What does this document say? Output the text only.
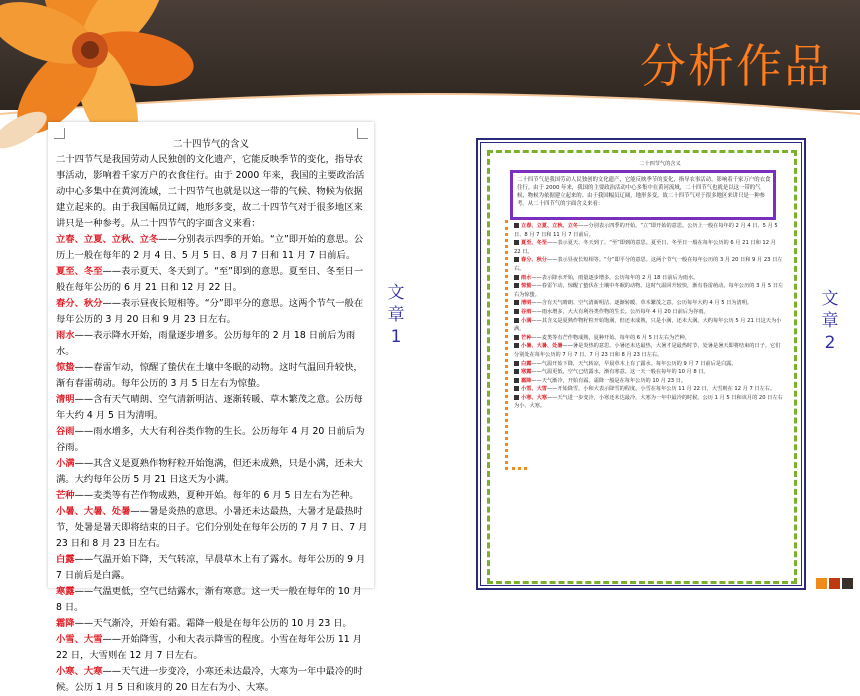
分析作品
二十四节气的含义

二十四节气是我国劳动人民独创的文化遗产，它能反映季节的变化，指导农事活动，影响着千家万户的衣食住行。由于 2000 年来，我国的主要政治活动中心多集中在黄河流域，二十四节气也就是以这一带的气候、物候为依据建立起来的。由于我国幅员辽阔，地形多变，故二十四节气对于很多地区来讲只是一种参考。从二十四节气的字面含义来看：

立春、立夏、立秋、立冬——分别表示四季的开始。“立”即开始的意思。公历上一般在每年的 2 月 4 日、5 月 5 日、8 月 7 日和 11 月 7 日前后。

夏至、冬至——表示夏天、冬天到了。“至”即到的意思。夏至日、冬至日一般在每年公历的 6 月 21 日和 12 月 22 日。

春分、秋分——表示昼夜长短相等。“分”即平分的意思。这两个节气一般在每年公历的 3 月 20 日和 9 月 23 日左右。

雨水——表示降水开始，雨量逐步增多。公历每年的 2 月 18 日前后为雨水。

惊蛰——春雷乍动，惊醒了蛰伏在土壤中冬眠的动物。这时气温回升较快，渐有春雷萌动。每年公历的 3 月 5 日左右为惊蛰。

清明——含有天气晴朗、空气清新明洁、逐渐转暖、草木繁茂之意。公历每年大约 4 月 5 日为清明。

谷雨——雨水增多，大大有利谷类作物的生长。公历每年 4 月 20 日前后为谷雨。

小满——其含义是夏熟作物籽粒开始饱满，但还未成熟，只是小满，还未大满。大约每年公历 5 月 21 日这天为小满。

芒种——麦类等有芒作物成熟，夏种开始。每年的 6 月 5 日左右为芒种。

小暑、大暑、处暑——暑是炎热的意思。小暑还未达最热，大暑才是最热时节，处暑是暑天即将结束的日子。它们分别处在每年公历的 7 月 7 日、7 月 23 日和 8 月 23 日左右。

白露——气温开始下降，天气转凉，早晨草木上有了露水。每年公历的 9 月 7 日前后是白露。

寒露——气温更低，空气已结露水，渐有寒意。这一天一般在每年的 10 月 8 日。

霜降——天气渐冷，开始有霜。霜降一般是在每年公历的 10 月 23 日。

小雪、大雪——开始降雪，小和大表示降雪的程度。小雪在每年公历 11 月 22 日，大雪则在 12 月 7 日左右。

小寒、大寒——天气进一步变冷，小寒还未达最冷，大寒为一年中最冷的时候。公历 1 月 5 日和该月的 20 日左右为小、大寒。

文
章
1
文
章
2
二十四节气的含义
二十四节气是我国劳动人民独创的文化遗产，它能反映季节的变化，指导农事活动，影响着千家万户的衣食住行。由于 2000 年来，我国的主要政治活动中心多集中在黄河流域，二十四节气也就是以这一带的气候、物候为依据建立起来的。由于我国幅员辽阔，地形多变，故二十四节气对于很多地区来讲只是一种参考。从二十四节气的字面含义来看：

立春、立夏、立秋、立冬——分别表示四季的开始。“立”即开始的意思。公历上一般在每年的 2 月 4 日、5 月 5 日、8 月 7 日和 11 月 7 日前后。

夏至、冬至——表示夏天、冬天到了。“至”即到的意思。夏至日、冬至日一般在每年公历的 6 月 21 日和 12 月 22 日。

春分、秋分——表示昼夜长短相等。“分”即平分的意思。这两个节气一般在每年公历的 3 月 20 日和 9 月 23 日左右。

雨水——表示降水开始，雨量逐步增多。公历每年的 2 月 18 日前后为雨水。

惊蛰——春雷乍动，惊醒了蛰伏在土壤中冬眠的动物。这时气温回升较快，渐有春雷萌动。每年公历的 3 月 5 日左右为惊蛰。

清明——含有天气晴朗、空气清新明洁、逐渐转暖、草木繁茂之意。公历每年大约 4 月 5 日为清明。

谷雨——雨水增多，大大有利谷类作物的生长。公历每年 4 月 20 日前后为谷雨。

小满——其含义是夏熟作物籽粒开始饱满，但还未成熟，只是小满，还未大满。大约每年公历 5 月 21 日这天为小满。

芒种——麦类等有芒作物成熟，夏种开始。每年的 6 月 5 日左右为芒种。

小暑、大暑、处暑——暑是炎热的意思。小暑还未达最热，大暑才是最热时节，处暑是暑天即将结束的日子。它们分别处在每年公历的 7 月 7 日、7 月 23 日和 8 月 23 日左右。

白露——气温开始下降，天气转凉，早晨草木上有了露水。每年公历的 9 月 7 日前后是白露。

寒露——气温更低，空气已结露水，渐有寒意。这一天一般在每年的 10 月 8 日。

霜降——天气渐冷，开始有霜。霜降一般是在每年公历的 10 月 23 日。

小雪、大雪——开始降雪，小和大表示降雪的程度。小雪在每年公历 11 月 22 日，大雪则在 12 月 7 日左右。

小寒、大寒——天气进一步变冷，小寒还未达最冷，大寒为一年中最冷的时候。公历 1 月 5 日和该月的 20 日左右为小、大寒。
